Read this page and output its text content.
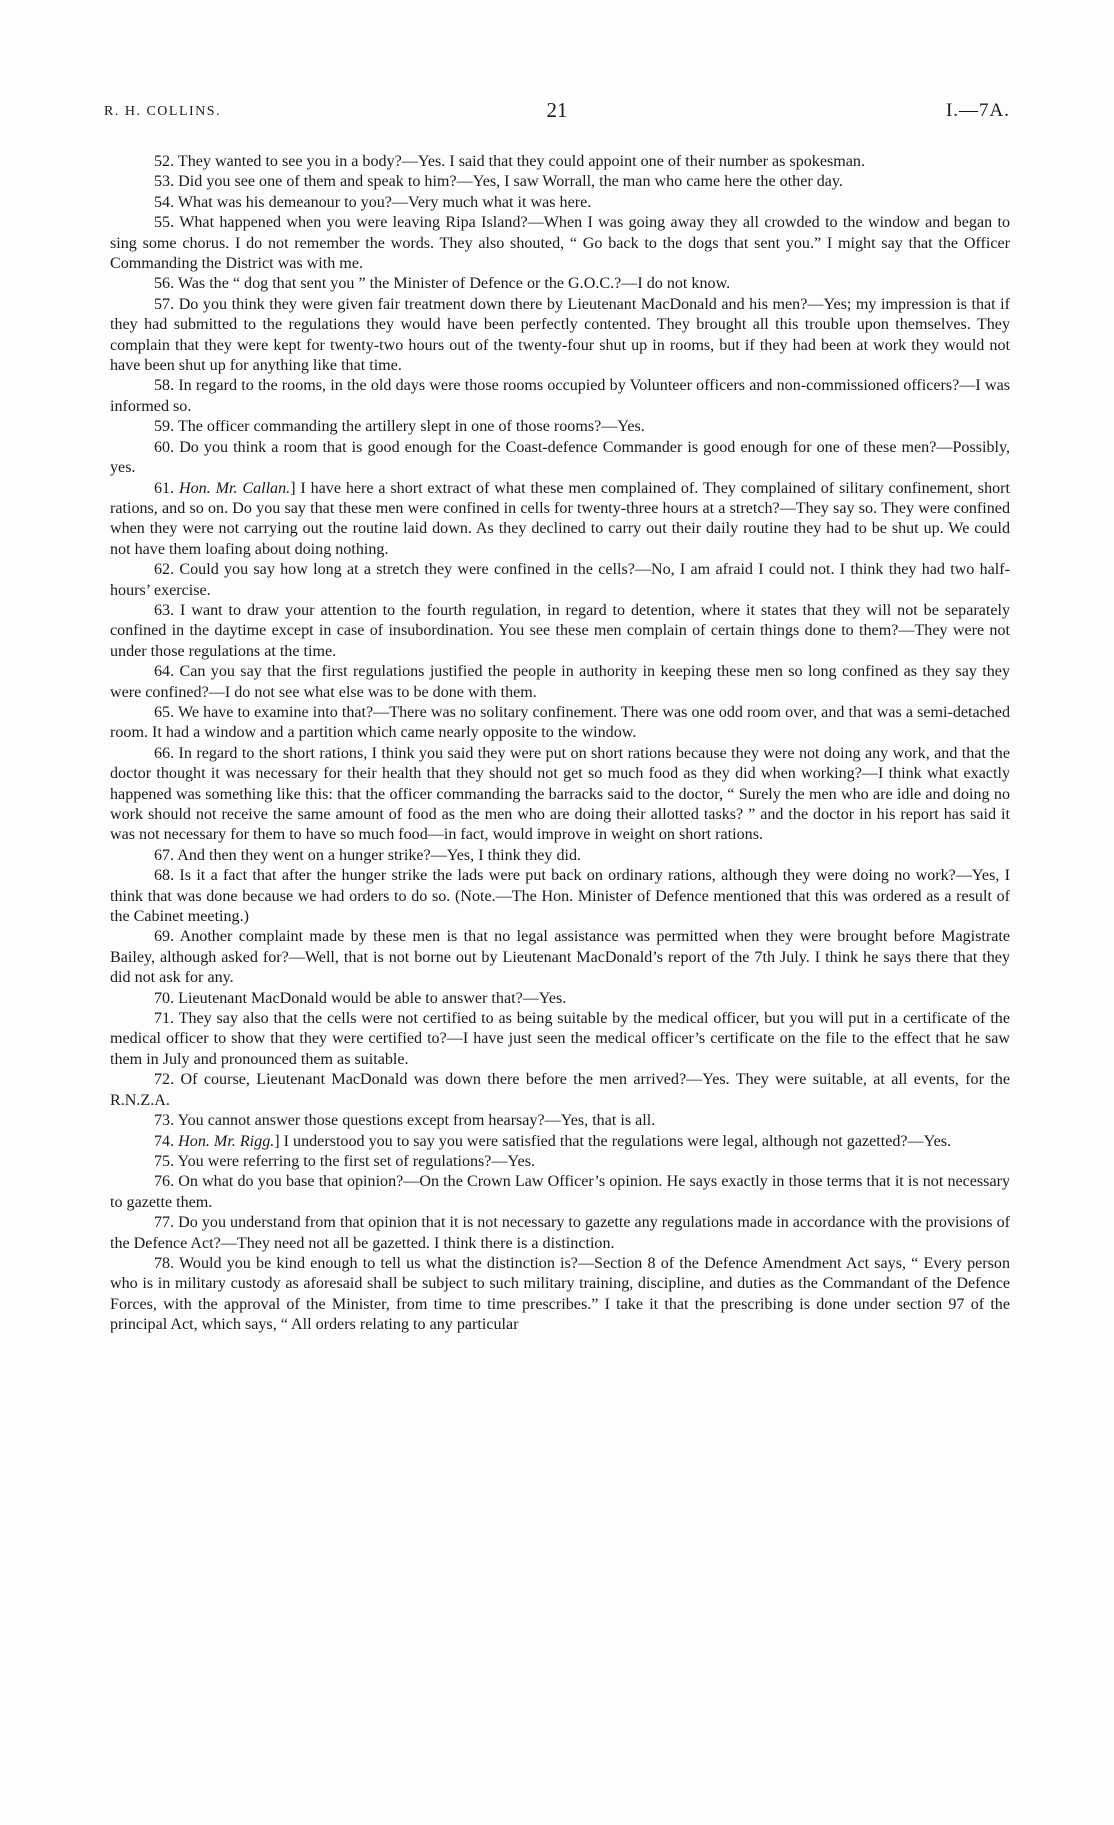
R. H. COLLINS.	21	I.—7A.

52. They wanted to see you in a body?—Yes. I said that they could appoint one of their number as spokesman.

53. Did you see one of them and speak to him?—Yes, I saw Worrall, the man who came here the other day.

54. What was his demeanour to you?—Very much what it was here.

55. What happened when you were leaving Ripa Island?—When I was going away they all crowded to the window and began to sing some chorus. I do not remember the words. They also shouted, “ Go back to the dogs that sent you.” I might say that the Officer Commanding the District was with me.

56. Was the “ dog that sent you ” the Minister of Defence or the G.O.C.?—I do not know.

57. Do you think they were given fair treatment down there by Lieutenant MacDonald and his men?—Yes; my impression is that if they had submitted to the regulations they would have been perfectly contented. They brought all this trouble upon themselves. They complain that they were kept for twenty-two hours out of the twenty-four shut up in rooms, but if they had been at work they would not have been shut up for anything like that time.

58. In regard to the rooms, in the old days were those rooms occupied by Volunteer officers and non-commissioned officers?—I was informed so.

59. The officer commanding the artillery slept in one of those rooms?—Yes.

60. Do you think a room that is good enough for the Coast-defence Commander is good enough for one of these men?—Possibly, yes.

61. Hon. Mr. Callan.] I have here a short extract of what these men complained of. They complained of silitary confinement, short rations, and so on. Do you say that these men were confined in cells for twenty-three hours at a stretch?—They say so. They were confined when they were not carrying out the routine laid down. As they declined to carry out their daily routine they had to be shut up. We could not have them loafing about doing nothing.

62. Could you say how long at a stretch they were confined in the cells?—No, I am afraid I could not. I think they had two half-hours’ exercise.

63. I want to draw your attention to the fourth regulation, in regard to detention, where it states that they will not be separately confined in the daytime except in case of insubordination. You see these men complain of certain things done to them?—They were not under those regulations at the time.

64. Can you say that the first regulations justified the people in authority in keeping these men so long confined as they say they were confined?—I do not see what else was to be done with them.

65. We have to examine into that?—There was no solitary confinement. There was one odd room over, and that was a semi-detached room. It had a window and a partition which came nearly opposite to the window.

66. In regard to the short rations, I think you said they were put on short rations because they were not doing any work, and that the doctor thought it was necessary for their health that they should not get so much food as they did when working?—I think what exactly happened was something like this: that the officer commanding the barracks said to the doctor, “ Surely the men who are idle and doing no work should not receive the same amount of food as the men who are doing their allotted tasks? ” and the doctor in his report has said it was not necessary for them to have so much food—in fact, would improve in weight on short rations.

67. And then they went on a hunger strike?—Yes, I think they did.

68. Is it a fact that after the hunger strike the lads were put back on ordinary rations, although they were doing no work?—Yes, I think that was done because we had orders to do so. (Note.—The Hon. Minister of Defence mentioned that this was ordered as a result of the Cabinet meeting.)

69. Another complaint made by these men is that no legal assistance was permitted when they were brought before Magistrate Bailey, although asked for?—Well, that is not borne out by Lieutenant MacDonald’s report of the 7th July. I think he says there that they did not ask for any.

70. Lieutenant MacDonald would be able to answer that?—Yes.

71. They say also that the cells were not certified to as being suitable by the medical officer, but you will put in a certificate of the medical officer to show that they were certified to?—I have just seen the medical officer’s certificate on the file to the effect that he saw them in July and pronounced them as suitable.

72. Of course, Lieutenant MacDonald was down there before the men arrived?—Yes. They were suitable, at all events, for the R.N.Z.A.

73. You cannot answer those questions except from hearsay?—Yes, that is all.

74. Hon. Mr. Rigg.] I understood you to say you were satisfied that the regulations were legal, although not gazetted?—Yes.

75. You were referring to the first set of regulations?—Yes.

76. On what do you base that opinion?—On the Crown Law Officer’s opinion. He says exactly in those terms that it is not necessary to gazette them.

77. Do you understand from that opinion that it is not necessary to gazette any regulations made in accordance with the provisions of the Defence Act?—They need not all be gazetted. I think there is a distinction.

78. Would you be kind enough to tell us what the distinction is?—Section 8 of the Defence Amendment Act says, “ Every person who is in military custody as aforesaid shall be subject to such military training, discipline, and duties as the Commandant of the Defence Forces, with the approval of the Minister, from time to time prescribes.” I take it that the prescribing is done under section 97 of the principal Act, which says, “ All orders relating to any particular
